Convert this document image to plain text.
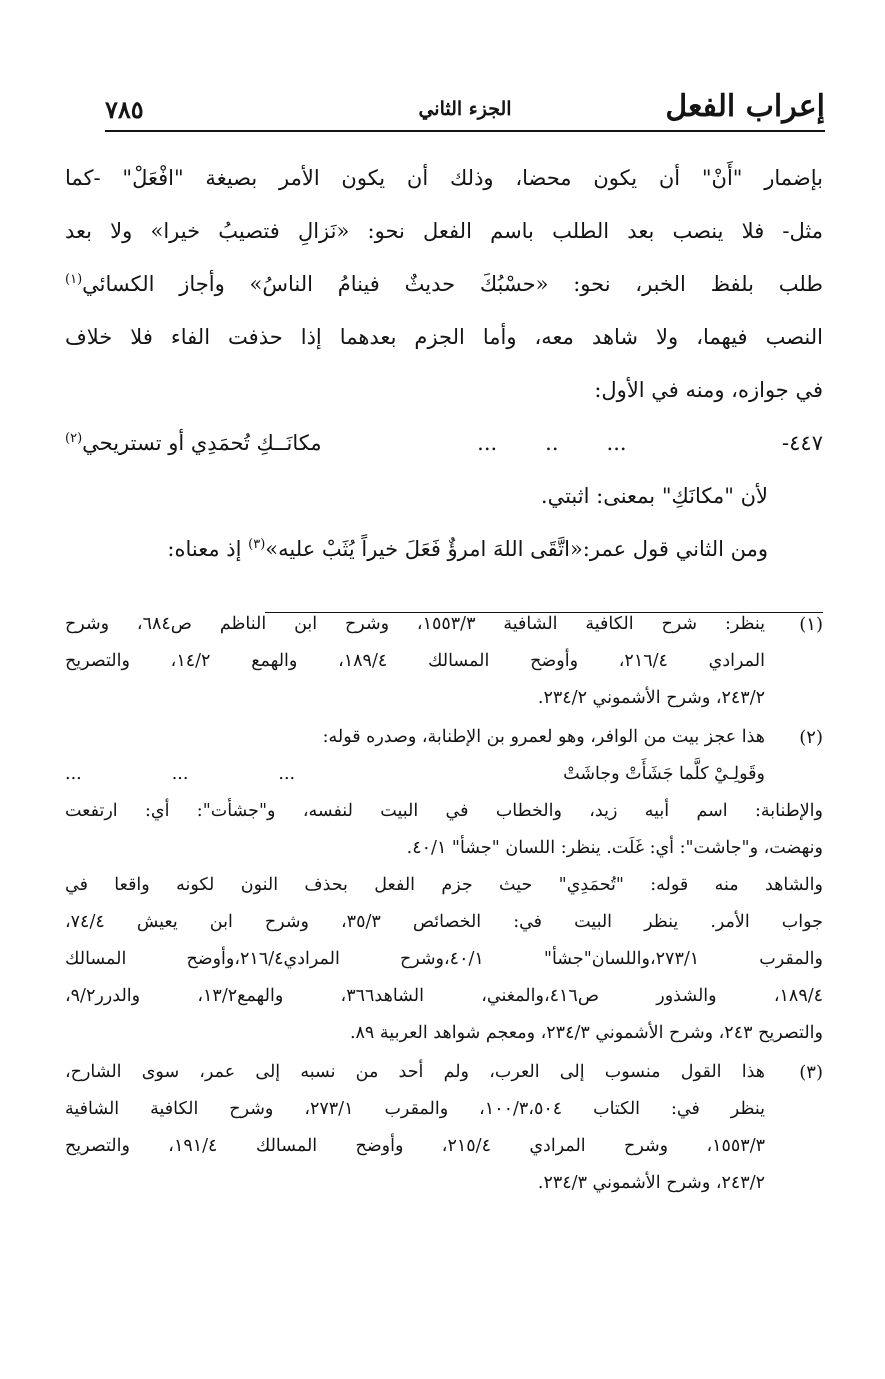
إعراب الفعل
الجزء الثاني
٧٨٥
بإضمار "أَنْ" أن يكون محضا، وذلك أن يكون الأمر بصيغة "افْعَلْ" -كما
مثل- فلا ينصب بعد الطلب باسم الفعل نحو: «نَزالِ فتصيبُ خيرا» ولا بعد
طلب بلفظ الخبر، نحو: «حسْبُكَ حديثٌ فينامُ الناسُ» وأجاز الكسائي$^{(١)}$
النصب فيهما، ولا شاهد معه، وأما الجزم بعدهما إذا حذفت الفاء فلا خلاف
في جوازه، ومنه في الأول:
٤٤٧-
...
..
...
مكانَــكِ تُحمَدِي أو تستريحي$^{(٢)}$
لأن "مكانَكِ" بمعنى: اثبتي.
ومن الثاني قول عمر:«اتَّقَى اللهَ امرؤٌ فَعَلَ خيراً يُثَبْ عليه»$^{(٣)}$ إذ معناه:
(١)
ينظر: شرح الكافية الشافية ١٥٥٣/٣، وشرح ابن الناظم ص٦٨٤، وشرح
المرادي ٢١٦/٤، وأوضح المسالك ١٨٩/٤، والهمع ١٤/٢، والتصريح
٢٤٣/٢، وشرح الأشموني ٢٣٤/٢.
(٢)
هذا عجز بيت من الوافر، وهو لعمرو بن الإطنابة، وصدره قوله:
وقَولِـيْ كلَّما جَشَأَتْ وجاشَتْ
...
...
...
والإطنابة: اسم أبيه زيد، والخطاب في البيت لنفسه، و"جشأت": أي: ارتفعت
ونهضت، و"جاشت": أي: غَلَت. ينظر: اللسان "جشأ" ٤٠/١.
والشاهد منه قوله: "تُحمَدِي" حيث جزم الفعل بحذف النون لكونه واقعا في
جواب الأمر. ينظر البيت في: الخصائص ٣٥/٣، وشرح ابن يعيش ٧٤/٤،
والمقرب ٢٧٣/١،واللسان"جشأ" ٤٠/١،وشرح المرادي٢١٦/٤،وأوضح المسالك
١٨٩/٤، والشذور ص٤١٦،والمغني، الشاهد٣٦٦، والهمع١٣/٢، والدرر٩/٢،
والتصريح ٢٤٣، وشرح الأشموني ٢٣٤/٣، ومعجم شواهد العربية ٨٩.
(٣)
هذا القول منسوب إلى العرب، ولم أحد من نسبه إلى عمر، سوى الشارح،
ينظر في: الكتاب ١٠٠/٣،٥٠٤، والمقرب ٢٧٣/١، وشرح الكافية الشافية
١٥٥٣/٣، وشرح المرادي ٢١٥/٤، وأوضح المسالك ١٩١/٤، والتصريح
٢٤٣/٢، وشرح الأشموني ٢٣٤/٣.
